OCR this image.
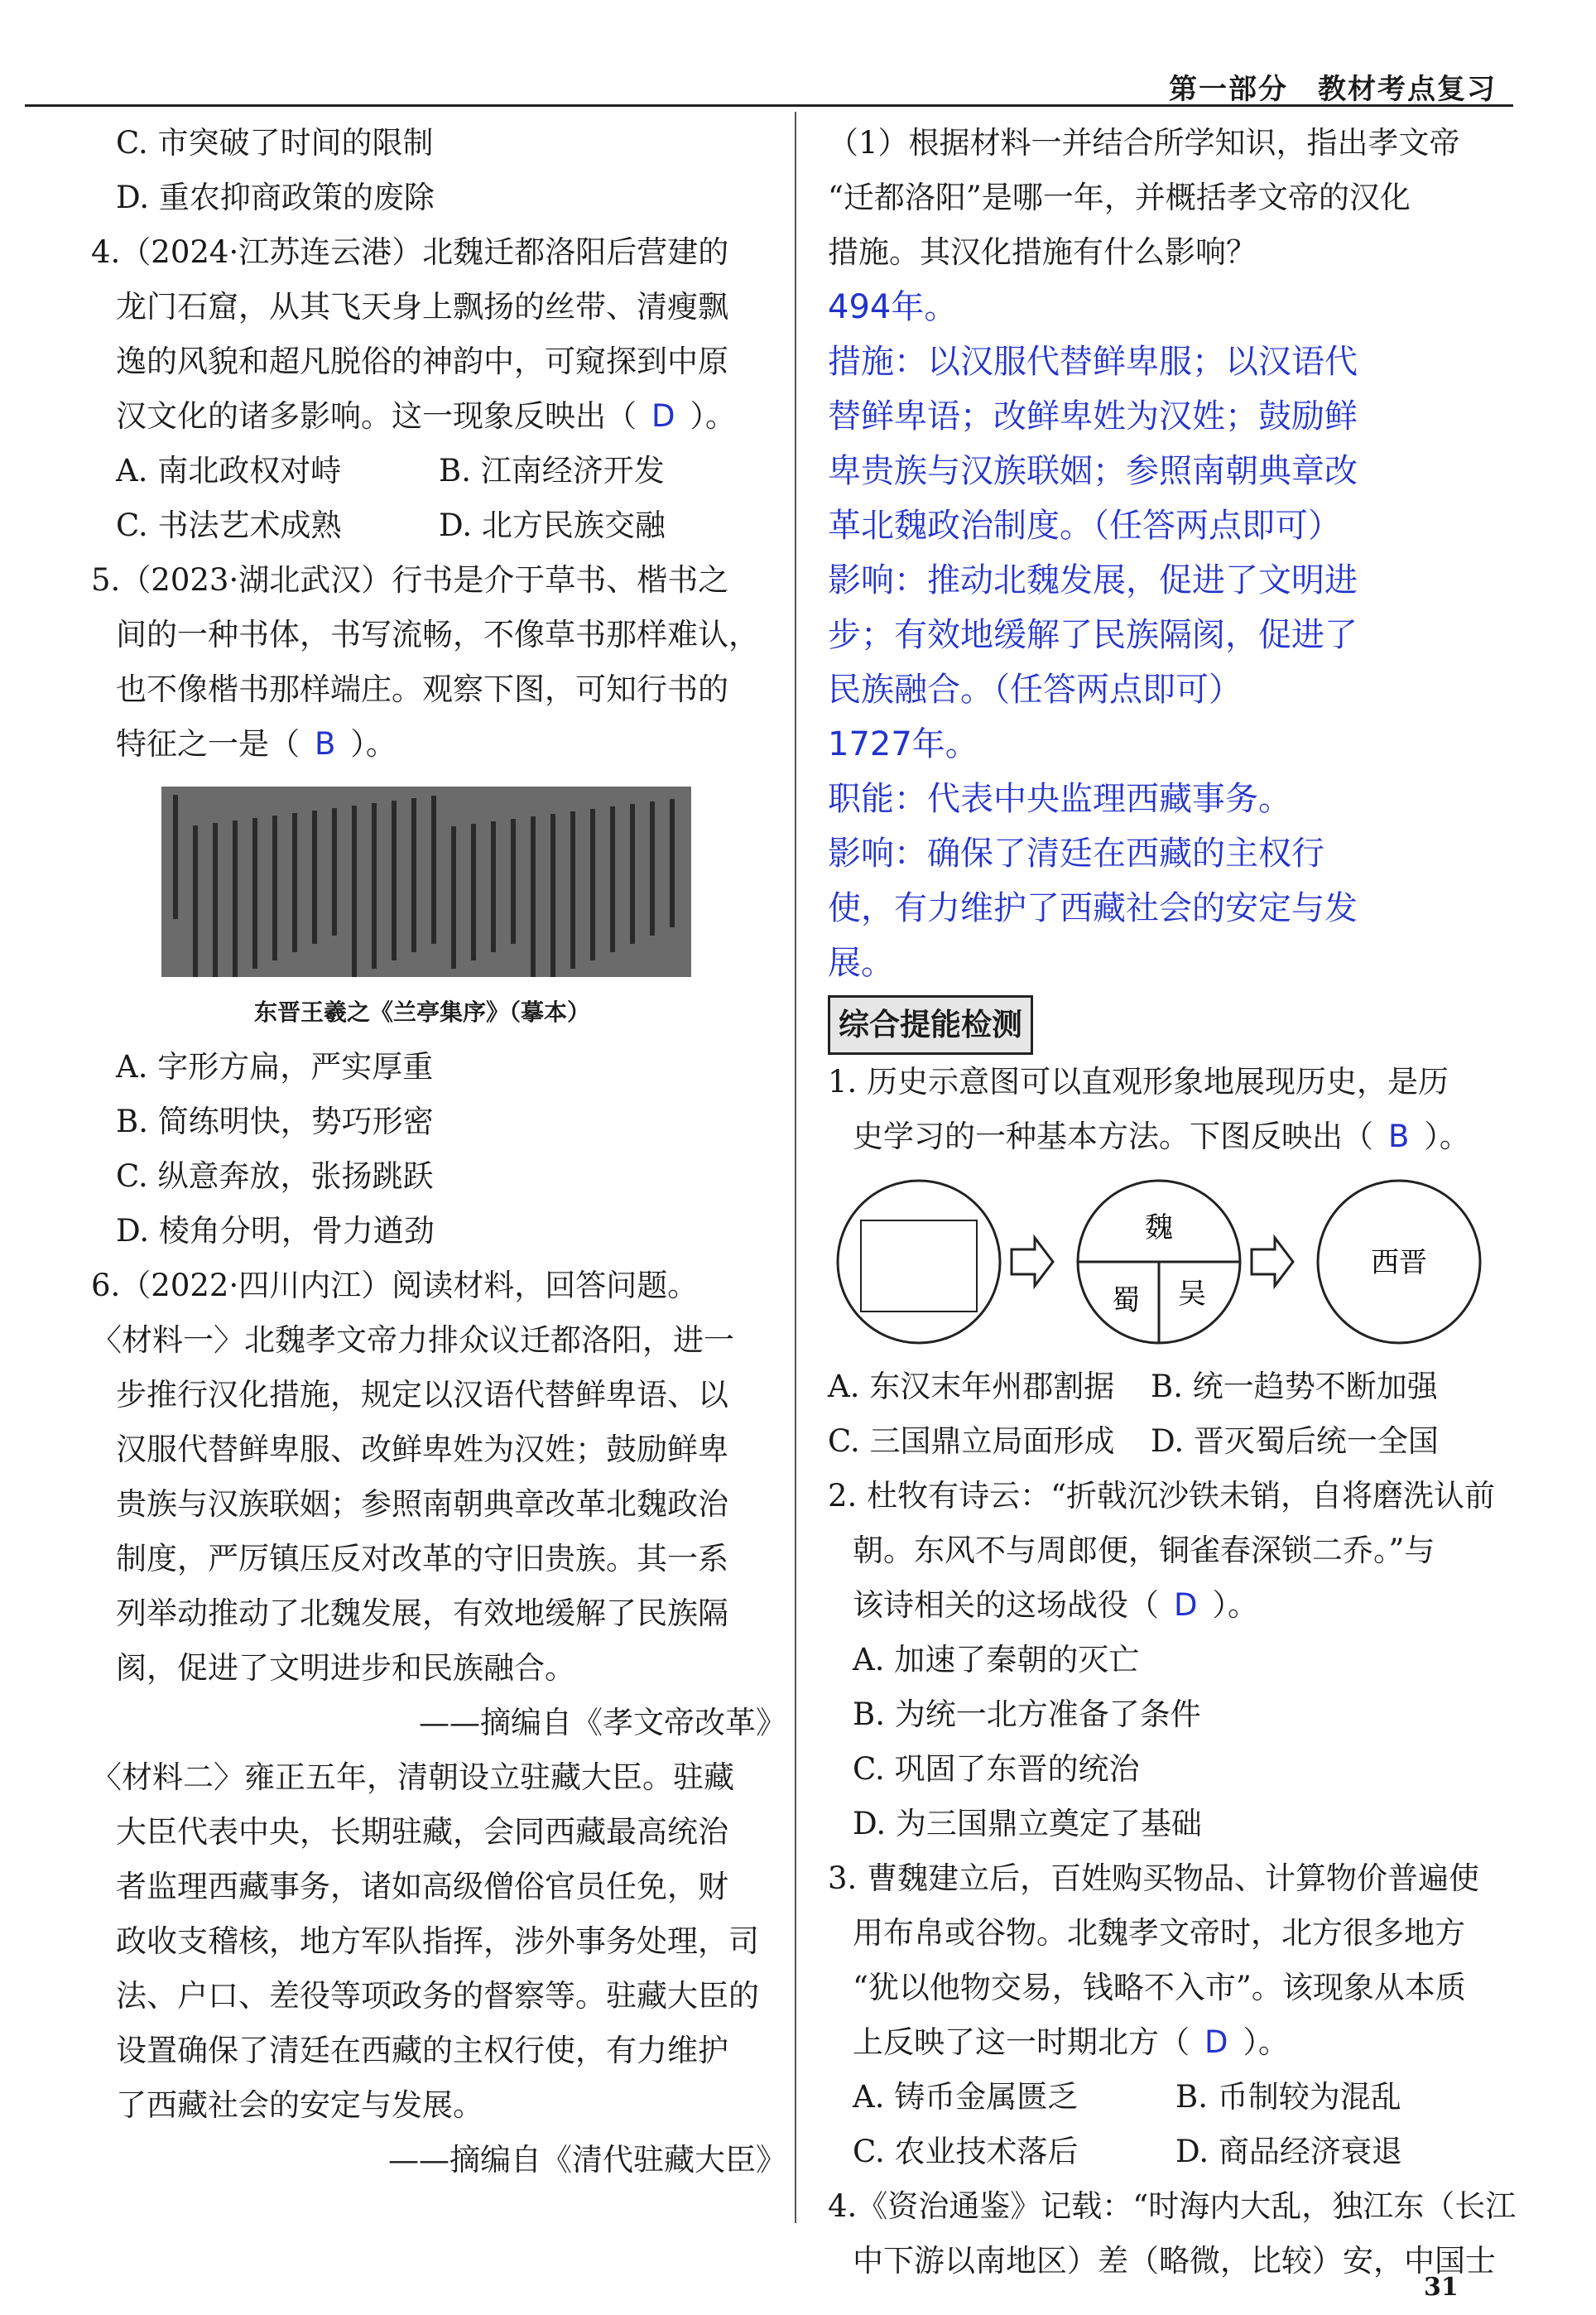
第一部分　教材考点复习
C. 市突破了时间的限制
D. 重农抑商政策的废除
4.（2024·江苏连云港）北魏迁都洛阳后营建的
龙门石窟，从其飞天身上飘扬的丝带、清瘦飘
逸的风貌和超凡脱俗的神韵中，可窥探到中原
汉文化的诸多影响。这一现象反映出（ D ）。
A. 南北政权对峙	B. 江南经济开发
C. 书法艺术成熟	D. 北方民族交融
5.（2023·湖北武汉）行书是介于草书、楷书之
间的一种书体，书写流畅，不像草书那样难认，
也不像楷书那样端庄。观察下图，可知行书的
特征之一是（ B ）。
东晋王羲之《兰亭集序》（摹本）
A. 字形方扁，严实厚重
B. 简练明快，势巧形密
C. 纵意奔放，张扬跳跃
D. 棱角分明，骨力遒劲
6.（2022·四川内江）阅读材料，回答问题。
〈材料一〉北魏孝文帝力排众议迁都洛阳，进一
步推行汉化措施，规定以汉语代替鲜卑语、以
汉服代替鲜卑服、改鲜卑姓为汉姓；鼓励鲜卑
贵族与汉族联姻；参照南朝典章改革北魏政治
制度，严厉镇压反对改革的守旧贵族。其一系
列举动推动了北魏发展，有效地缓解了民族隔
阂，促进了文明进步和民族融合。
——摘编自《孝文帝改革》
〈材料二〉雍正五年，清朝设立驻藏大臣。驻藏
大臣代表中央，长期驻藏，会同西藏最高统治
者监理西藏事务，诸如高级僧俗官员任免，财
政收支稽核，地方军队指挥，涉外事务处理，司
法、户口、差役等项政务的督察等。驻藏大臣的
设置确保了清廷在西藏的主权行使，有力维护
了西藏社会的安定与发展。
——摘编自《清代驻藏大臣》
（1）根据材料一并结合所学知识，指出孝文帝
“迁都洛阳”是哪一年，并概括孝文帝的汉化
措施。其汉化措施有什么影响？
494年。
措施：以汉服代替鲜卑服；以汉语代
替鲜卑语；改鲜卑姓为汉姓；鼓励鲜
卑贵族与汉族联姻；参照南朝典章改
革北魏政治制度。（任答两点即可）
影响：推动北魏发展，促进了文明进
步；有效地缓解了民族隔阂，促进了
民族融合。（任答两点即可）
1727年。
职能：代表中央监理西藏事务。
影响：确保了清廷在西藏的主权行
使，有力维护了西藏社会的安定与发
展。
综合提能检测
1. 历史示意图可以直观形象地展现历史，是历
史学习的一种基本方法。下图反映出（ B ）。
魏
蜀 吴
西晋
A. 东汉末年州郡割据	B. 统一趋势不断加强
C. 三国鼎立局面形成	D. 晋灭蜀后统一全国
2. 杜牧有诗云：“折戟沉沙铁未销，自将磨洗认前
朝。东风不与周郎便，铜雀春深锁二乔。”与
该诗相关的这场战役（ D ）。
A. 加速了秦朝的灭亡
B. 为统一北方准备了条件
C. 巩固了东晋的统治
D. 为三国鼎立奠定了基础
3. 曹魏建立后，百姓购买物品、计算物价普遍使
用布帛或谷物。北魏孝文帝时，北方很多地方
“犹以他物交易，钱略不入市”。该现象从本质
上反映了这一时期北方（ D ）。
A. 铸币金属匮乏	B. 币制较为混乱
C. 农业技术落后	D. 商品经济衰退
4.《资治通鉴》记载：“时海内大乱，独江东（长江
中下游以南地区）差（略微，比较）安，中国士
31
